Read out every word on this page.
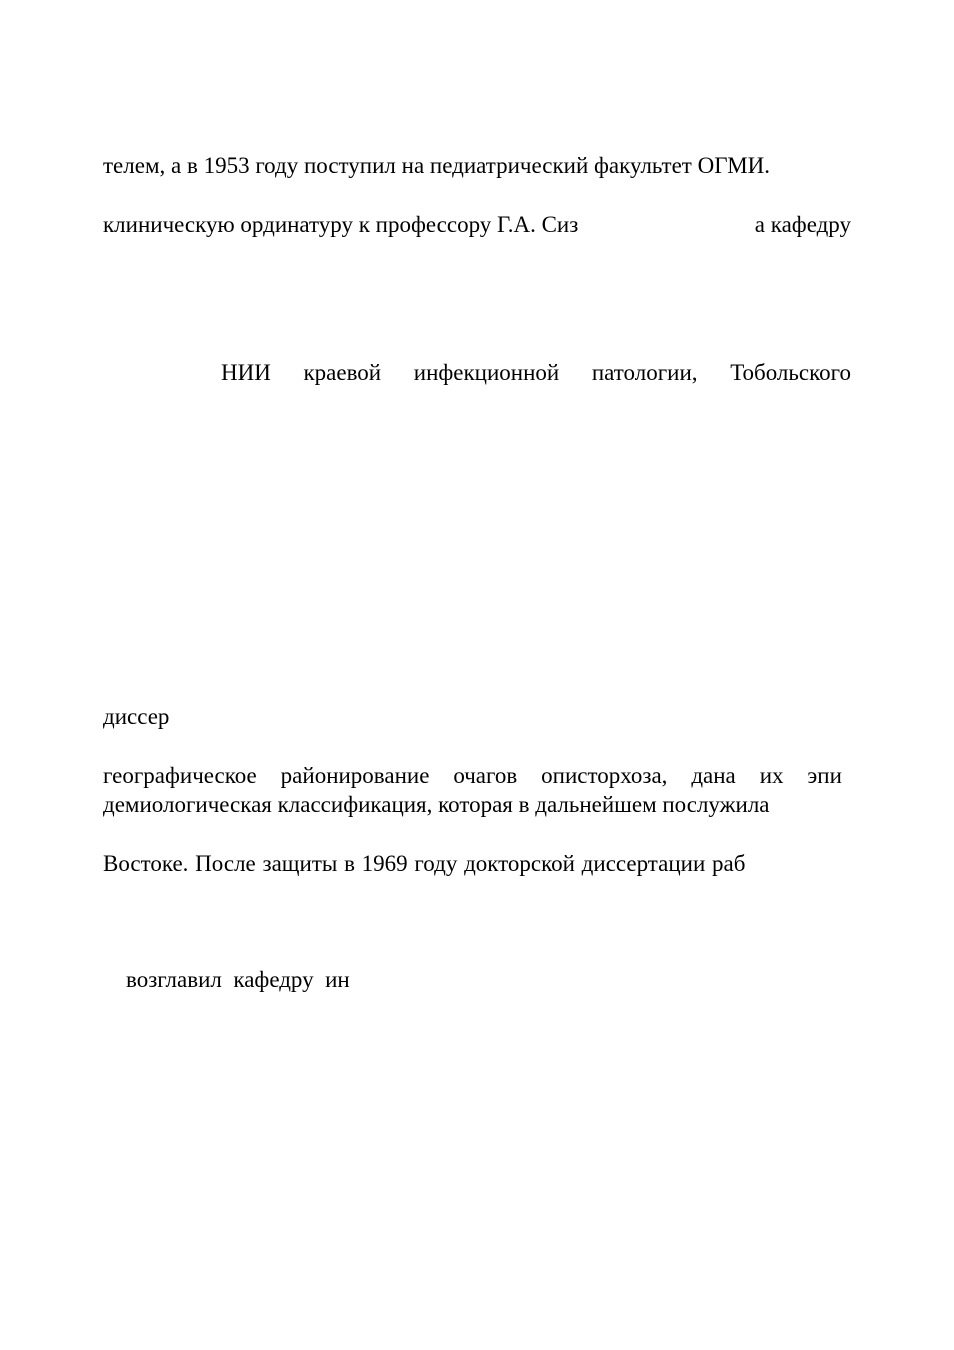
телем, а в 1953 году поступил на педиатрический факультет ОГМИ.

клиническую ординатуру к профессору Г.А. Сиз	а кафедру

НИИ краевой инфекционной патологии, Тобольского

диссер

географическое районирование очагов описторхоза, дана их эпи

демиологическая классификация, которая в дальнейшем послужила

Востоке. После защиты в 1969 году докторской диссертации раб

возглавил  кафедру  ин
